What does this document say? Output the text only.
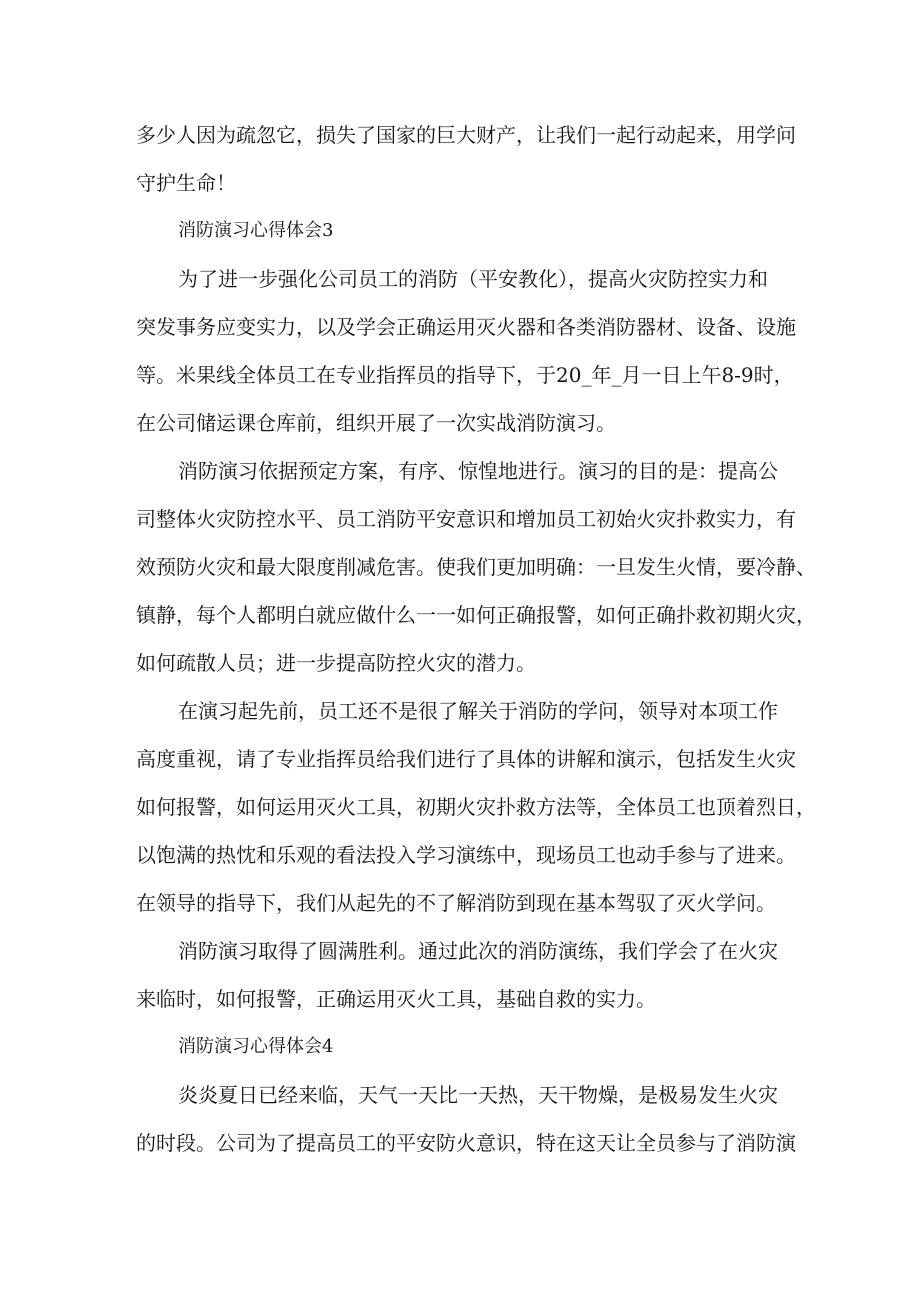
多少人因为疏忽它，损失了国家的巨大财产，让我们一起行动起来，用学问

守护生命！

消防演习心得体会3

为了进一步强化公司员工的消防（平安教化），提高火灾防控实力和

突发事务应变实力，以及学会正确运用灭火器和各类消防器材、设备、设施

等。米果线全体员工在专业指挥员的指导下，于20_年_月一日上午8-9时，

在公司储运课仓库前，组织开展了一次实战消防演习。

消防演习依据预定方案，有序、惊惶地进行。演习的目的是：提高公

司整体火灾防控水平、员工消防平安意识和增加员工初始火灾扑救实力，有

效预防火灾和最大限度削减危害。使我们更加明确：一旦发生火情，要冷静、

镇静，每个人都明白就应做什么一一如何正确报警，如何正确扑救初期火灾，

如何疏散人员；进一步提高防控火灾的潜力。

在演习起先前，员工还不是很了解关于消防的学问，领导对本项工作

高度重视，请了专业指挥员给我们进行了具体的讲解和演示，包括发生火灾

如何报警，如何运用灭火工具，初期火灾扑救方法等，全体员工也顶着烈日，

以饱满的热忱和乐观的看法投入学习演练中，现场员工也动手参与了进来。

在领导的指导下，我们从起先的不了解消防到现在基本驾驭了灭火学问。

消防演习取得了圆满胜利。通过此次的消防演练，我们学会了在火灾

来临时，如何报警，正确运用灭火工具，基础自救的实力。

消防演习心得体会4

炎炎夏日已经来临，天气一天比一天热，天干物燥，是极易发生火灾

的时段。公司为了提高员工的平安防火意识，特在这天让全员参与了消防演
